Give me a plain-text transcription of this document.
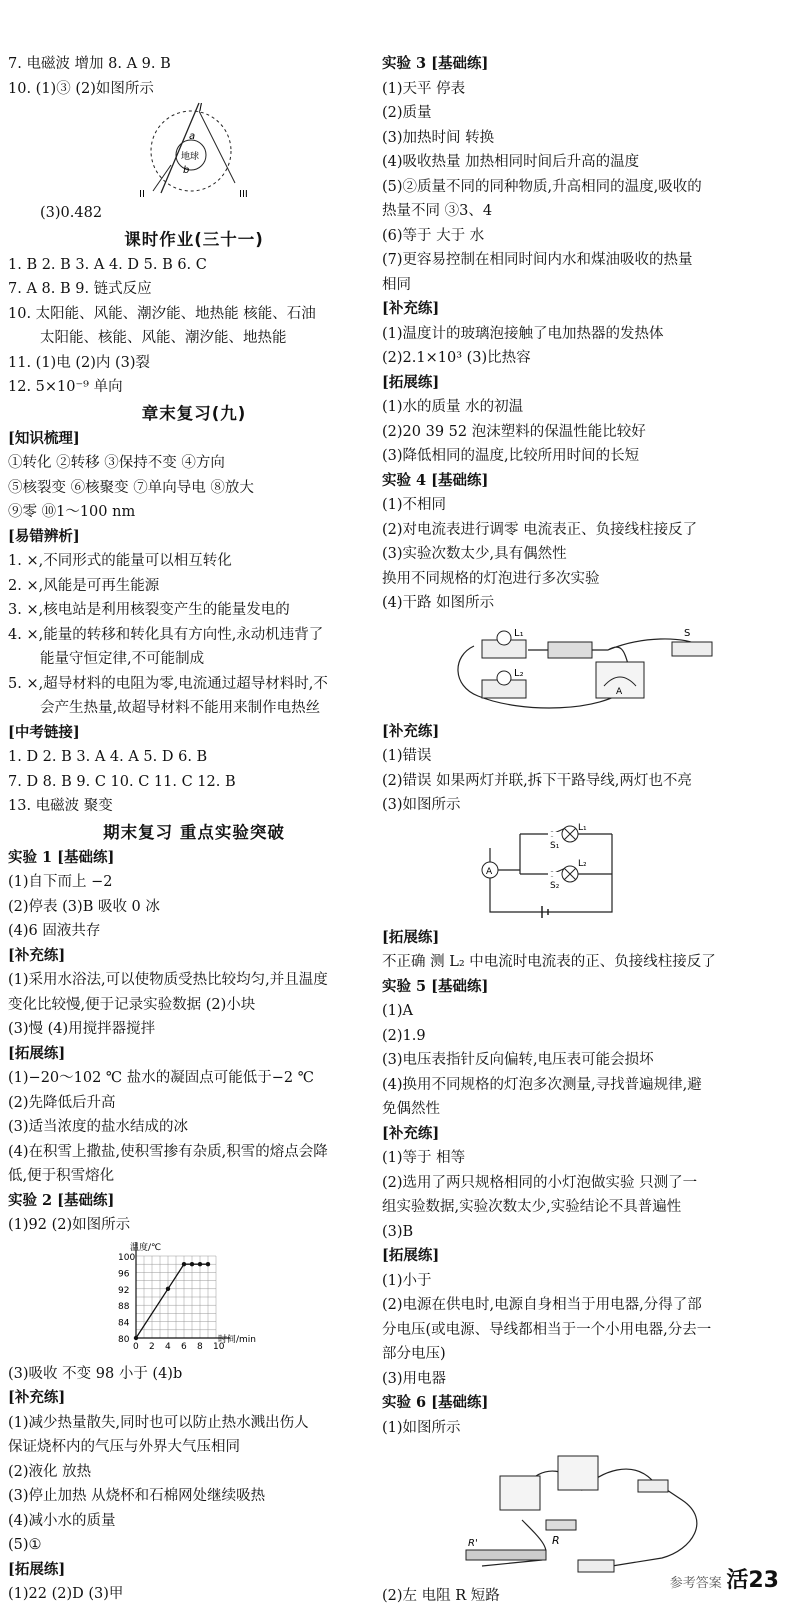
7. 电磁波 增加 8. A 9. B
10. (1)③ (2)如图所示
I
a
b
地球
II	III
(3)0.482
课时作业(三十一)
1. B 2. B 3. A 4. D 5. B 6. C
7. A 8. B 9. 链式反应
10. 太阳能、风能、潮汐能、地热能 核能、石油
太阳能、核能、风能、潮汐能、地热能
11. (1)电 (2)内 (3)裂
12. 5×10⁻⁹ 单向
章末复习(九)
[知识梳理]
①转化 ②转移 ③保持不变 ④方向
⑤核裂变 ⑥核聚变 ⑦单向导电 ⑧放大
⑨零 ⑩1～100 nm
[易错辨析]
1. ×,不同形式的能量可以相互转化
2. ×,风能是可再生能源
3. ×,核电站是利用核裂变产生的能量发电的
4. ×,能量的转移和转化具有方向性,永动机违背了
能量守恒定律,不可能制成
5. ×,超导材料的电阻为零,电流通过超导材料时,不
会产生热量,故超导材料不能用来制作电热丝
[中考链接]
1. D 2. B 3. A 4. A 5. D 6. B
7. D 8. B 9. C 10. C 11. C 12. B
13. 电磁波 聚变
期末复习 重点实验突破
实验 1 [基础练]
(1)自下而上 −2
(2)停表 (3)B 吸收 0 冰
(4)6 固液共存
[补充练]
(1)采用水浴法,可以使物质受热比较均匀,并且温度
变化比较慢,便于记录实验数据 (2)小块
(3)慢 (4)用搅拌器搅拌
[拓展练]
(1)−20～102 ℃ 盐水的凝固点可能低于−2 ℃
(2)先降低后升高
(3)适当浓度的盐水结成的冰
(4)在积雪上撒盐,使积雪掺有杂质,积雪的熔点会降
低,便于积雪熔化
实验 2 [基础练]
(1)92 (2)如图所示
80
84
88
92
96
100
0 2 4 6 8 10
温度/℃
时间/min
(3)吸收 不变 98 小于 (4)b
[补充练]
(1)减少热量散失,同时也可以防止热水溅出伤人
保证烧杯内的气压与外界大气压相同
(2)液化 放热
(3)停止加热 从烧杯和石棉网处继续吸热
(4)减小水的质量
(5)①
[拓展练]
(1)22 (2)D (3)甲
实验 3 [基础练]
(1)天平 停表
(2)质量
(3)加热时间 转换
(4)吸收热量 加热相同时间后升高的温度
(5)②质量不同的同种物质,升高相同的温度,吸收的
热量不同 ③3、4
(6)等于 大于 水
(7)更容易控制在相同时间内水和煤油吸收的热量
相同
[补充练]
(1)温度计的玻璃泡接触了电加热器的发热体
(2)2.1×10³ (3)比热容
[拓展练]
(1)水的质量 水的初温
(2)20 39 52 泡沫塑料的保温性能比较好
(3)降低相同的温度,比较所用时间的长短
实验 4 [基础练]
(1)不相同
(2)对电流表进行调零 电流表正、负接线柱接反了
(3)实验次数太少,具有偶然性
换用不同规格的灯泡进行多次实验
(4)干路 如图所示
L₁
L₂
S
A
[补充练]
(1)错误
(2)错误 如果两灯并联,拆下干路导线,两灯也不亮
(3)如图所示
A
L₁
S₁
L₂
S₂
[拓展练]
不正确 测 L₂ 中电流时电流表的正、负接线柱接反了
实验 5 [基础练]
(1)A
(2)1.9
(3)电压表指针反向偏转,电压表可能会损坏
(4)换用不同规格的灯泡多次测量,寻找普遍规律,避
免偶然性
[补充练]
(1)等于 相等
(2)选用了两只规格相同的小灯泡做实验 只测了一
组实验数据,实验次数太少,实验结论不具普遍性
(3)B
[拓展练]
(1)小于
(2)电源在供电时,电源自身相当于用电器,分得了部
分电压(或电源、导线都相当于一个小用电器,分去一
部分电压)
(3)用电器
实验 6 [基础练]
(1)如图所示
R
R'
(2)左 电阻 R 短路
参考答案 活23
